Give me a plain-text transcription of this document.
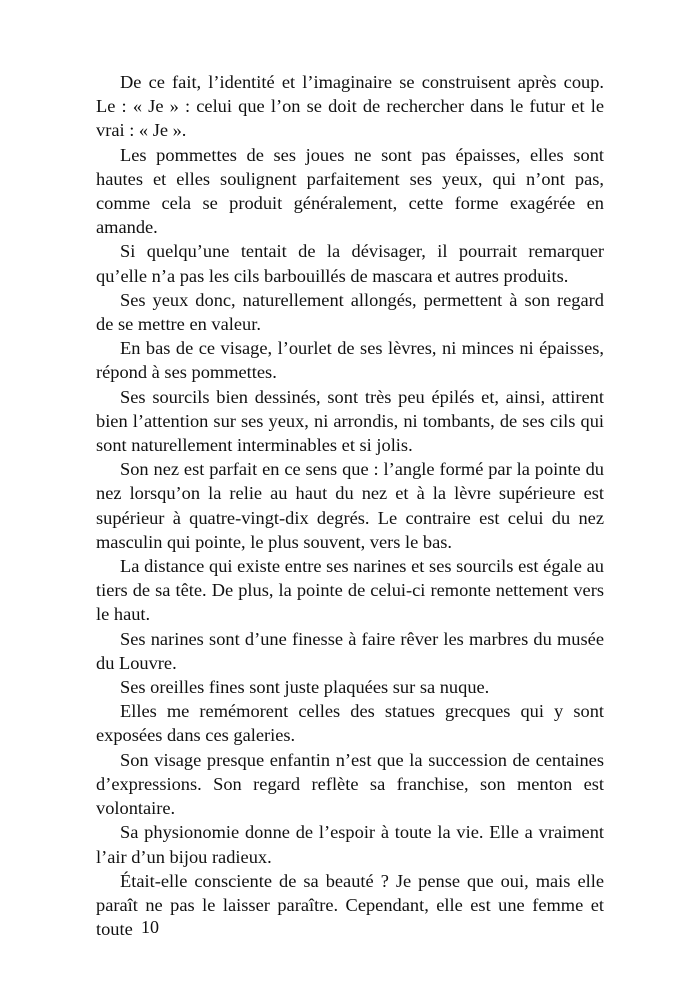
De ce fait, l’identité et l’imaginaire se construisent après coup. Le : « Je » : celui que l’on se doit de rechercher dans le futur et le vrai : « Je ».

Les pommettes de ses joues ne sont pas épaisses, elles sont hautes et elles soulignent parfaitement ses yeux, qui n’ont pas, comme cela se produit généralement, cette forme exagérée en amande.

Si quelqu’une tentait de la dévisager, il pourrait remarquer qu’elle n’a pas les cils barbouillés de mascara et autres produits.

Ses yeux donc, naturellement allongés, permettent à son regard de se mettre en valeur.

En bas de ce visage, l’ourlet de ses lèvres, ni minces ni épaisses, répond à ses pommettes.

Ses sourcils bien dessinés, sont très peu épilés et, ainsi, attirent bien l’attention sur ses yeux, ni arrondis, ni tombants, de ses cils qui sont naturellement interminables et si jolis.

Son nez est parfait en ce sens que : l’angle formé par la pointe du nez lorsqu’on la relie au haut du nez et à la lèvre supérieure est supérieur à quatre-vingt-dix degrés. Le contraire est celui du nez masculin qui pointe, le plus souvent, vers le bas.

La distance qui existe entre ses narines et ses sourcils est égale au tiers de sa tête. De plus, la pointe de celui-ci remonte nettement vers le haut.

Ses narines sont d’une finesse à faire rêver les marbres du musée du Louvre.

Ses oreilles fines sont juste plaquées sur sa nuque.

Elles me remémorent celles des statues grecques qui y sont exposées dans ces galeries.

Son visage presque enfantin n’est que la succession de centaines d’expressions. Son regard reflète sa franchise, son menton est volontaire.

Sa physionomie donne de l’espoir à toute la vie. Elle a vraiment l’air d’un bijou radieux.

Était-elle consciente de sa beauté ? Je pense que oui, mais elle paraît ne pas le laisser paraître. Cependant, elle est une femme et toute 10
